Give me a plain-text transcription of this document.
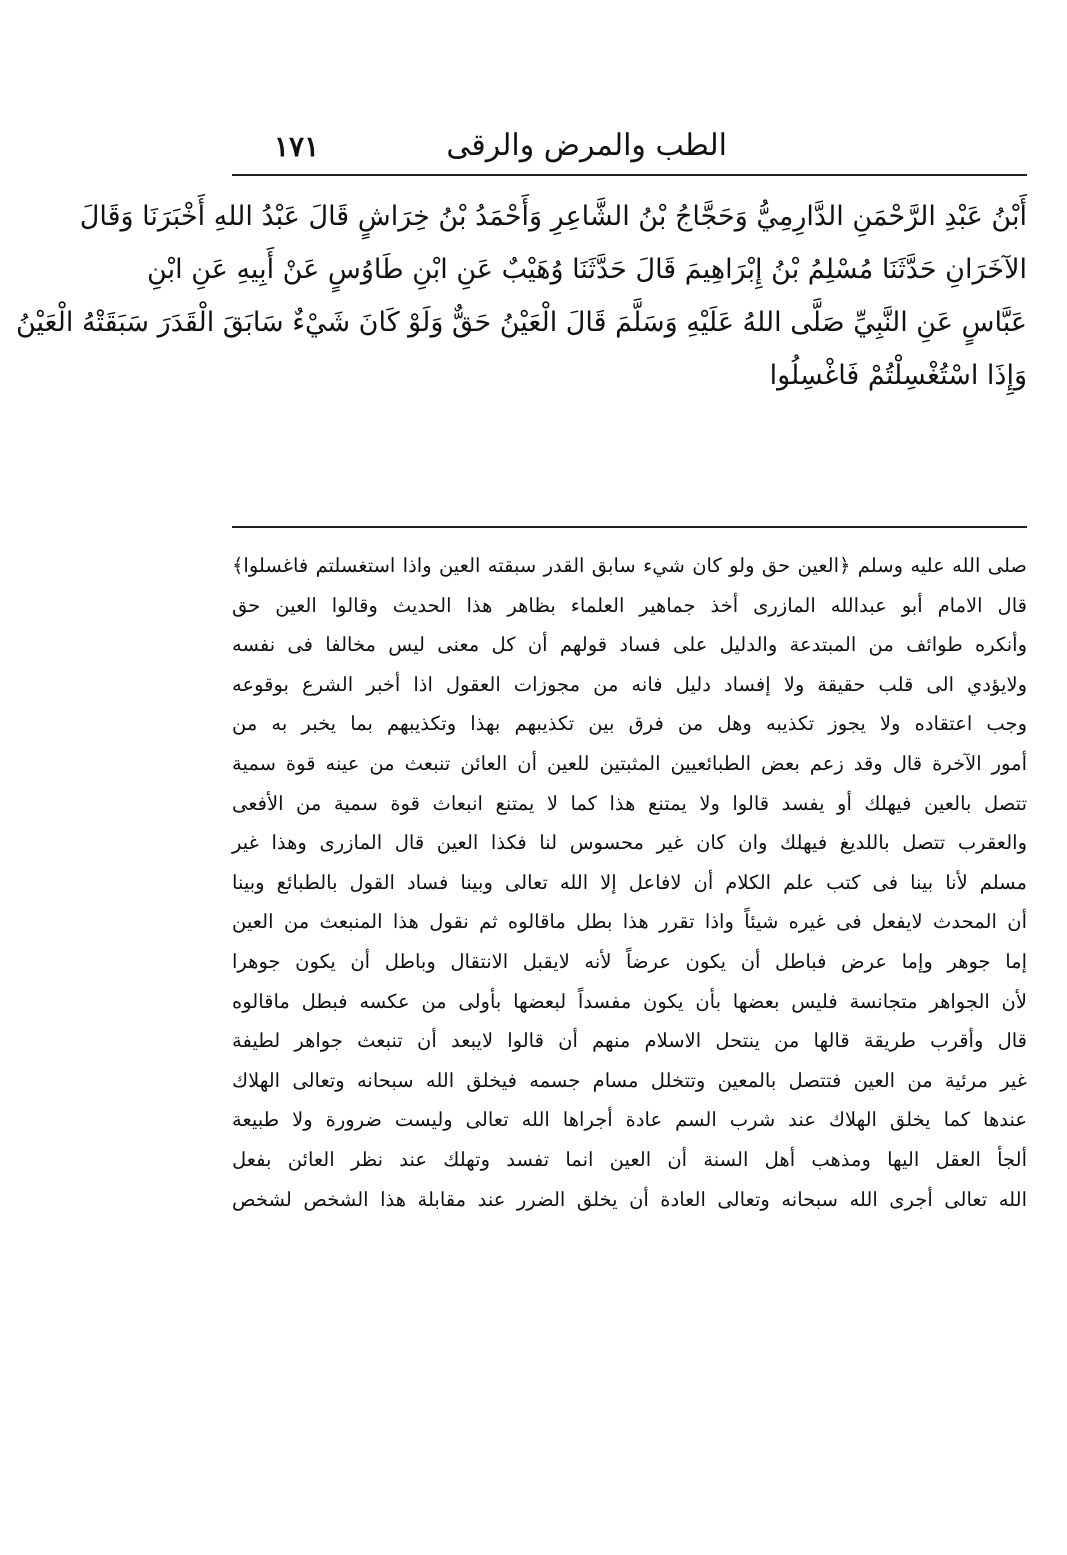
١٧١	الطب والمرض والرقى
أَبْنُ عَبْدِ الرَّحْمَنِ الدَّارِمِيُّ وَحَجَّاجُ بْنُ الشَّاعِرِ وَأَحْمَدُ بْنُ خِرَاشٍ قَالَ عَبْدُ اللهِ أَخْبَرَنَا وَقَالَ
الآخَرَانِ حَدَّثَنَا مُسْلِمُ بْنُ إِبْرَاهِيمَ قَالَ حَدَّثَنَا وُهَيْبٌ عَنِ ابْنِ طَاوُسٍ عَنْ أَبِيهِ عَنِ ابْنِ
عَبَّاسٍ عَنِ النَّبِيِّ صَلَّى اللهُ عَلَيْهِ وَسَلَّمَ قَالَ الْعَيْنُ حَقٌّ وَلَوْ كَانَ شَيْءٌ سَابَقَ الْقَدَرَ سَبَقَتْهُ الْعَيْنُ
وَإِذَا اسْتُغْسِلْتُمْ فَاغْسِلُوا
صلى الله عليه وسلم ﴿العين حق ولو كان شيء سابق القدر سبقته العين واذا استغسلتم فاغسلوا﴾
قال الامام أبو عبدالله المازرى أخذ جماهير العلماء بظاهر هذا الحديث وقالوا العين حق
وأنكره طوائف من المبتدعة والدليل على فساد قولهم أن كل معنى ليس مخالفا فى نفسه
ولايؤدي الى قلب حقيقة ولا إفساد دليل فانه من مجوزات العقول اذا أخبر الشرع بوقوعه
وجب اعتقاده ولا يجوز تكذيبه وهل من فرق بين تكذيبهم بهذا وتكذيبهم بما يخبر به من
أمور الآخرة قال وقد زعم بعض الطبائعيين المثبتين للعين أن العائن تنبعث من عينه قوة سمية
تتصل بالعين فيهلك أو يفسد قالوا ولا يمتنع هذا كما لا يمتنع انبعاث قوة سمية من الأفعى
والعقرب تتصل باللديغ فيهلك وان كان غير محسوس لنا فكذا العين قال المازرى وهذا غير
مسلم لأنا بينا فى كتب علم الكلام أن لافاعل إلا الله تعالى وبينا فساد القول بالطبائع وبينا
أن المحدث لايفعل فى غيره شيئاً واذا تقرر هذا بطل ماقالوه ثم نقول هذا المنبعث من العين
إما جوهر وإما عرض فباطل أن يكون عرضاً لأنه لايقبل الانتقال وباطل أن يكون جوهرا
لأن الجواهر متجانسة فليس بعضها بأن يكون مفسداً لبعضها بأولى من عكسه فبطل ماقالوه
قال وأقرب طريقة قالها من ينتحل الاسلام منهم أن قالوا لايبعد أن تنبعث جواهر لطيفة
غير مرئية من العين فتتصل بالمعين وتتخلل مسام جسمه فيخلق الله سبحانه وتعالى الهلاك
عندها كما يخلق الهلاك عند شرب السم عادة أجراها الله تعالى وليست ضرورة ولا طبيعة
ألجأ العقل اليها ومذهب أهل السنة أن العين انما تفسد وتهلك عند نظر العائن بفعل
الله تعالى أجرى الله سبحانه وتعالى العادة أن يخلق الضرر عند مقابلة هذا الشخص لشخص
